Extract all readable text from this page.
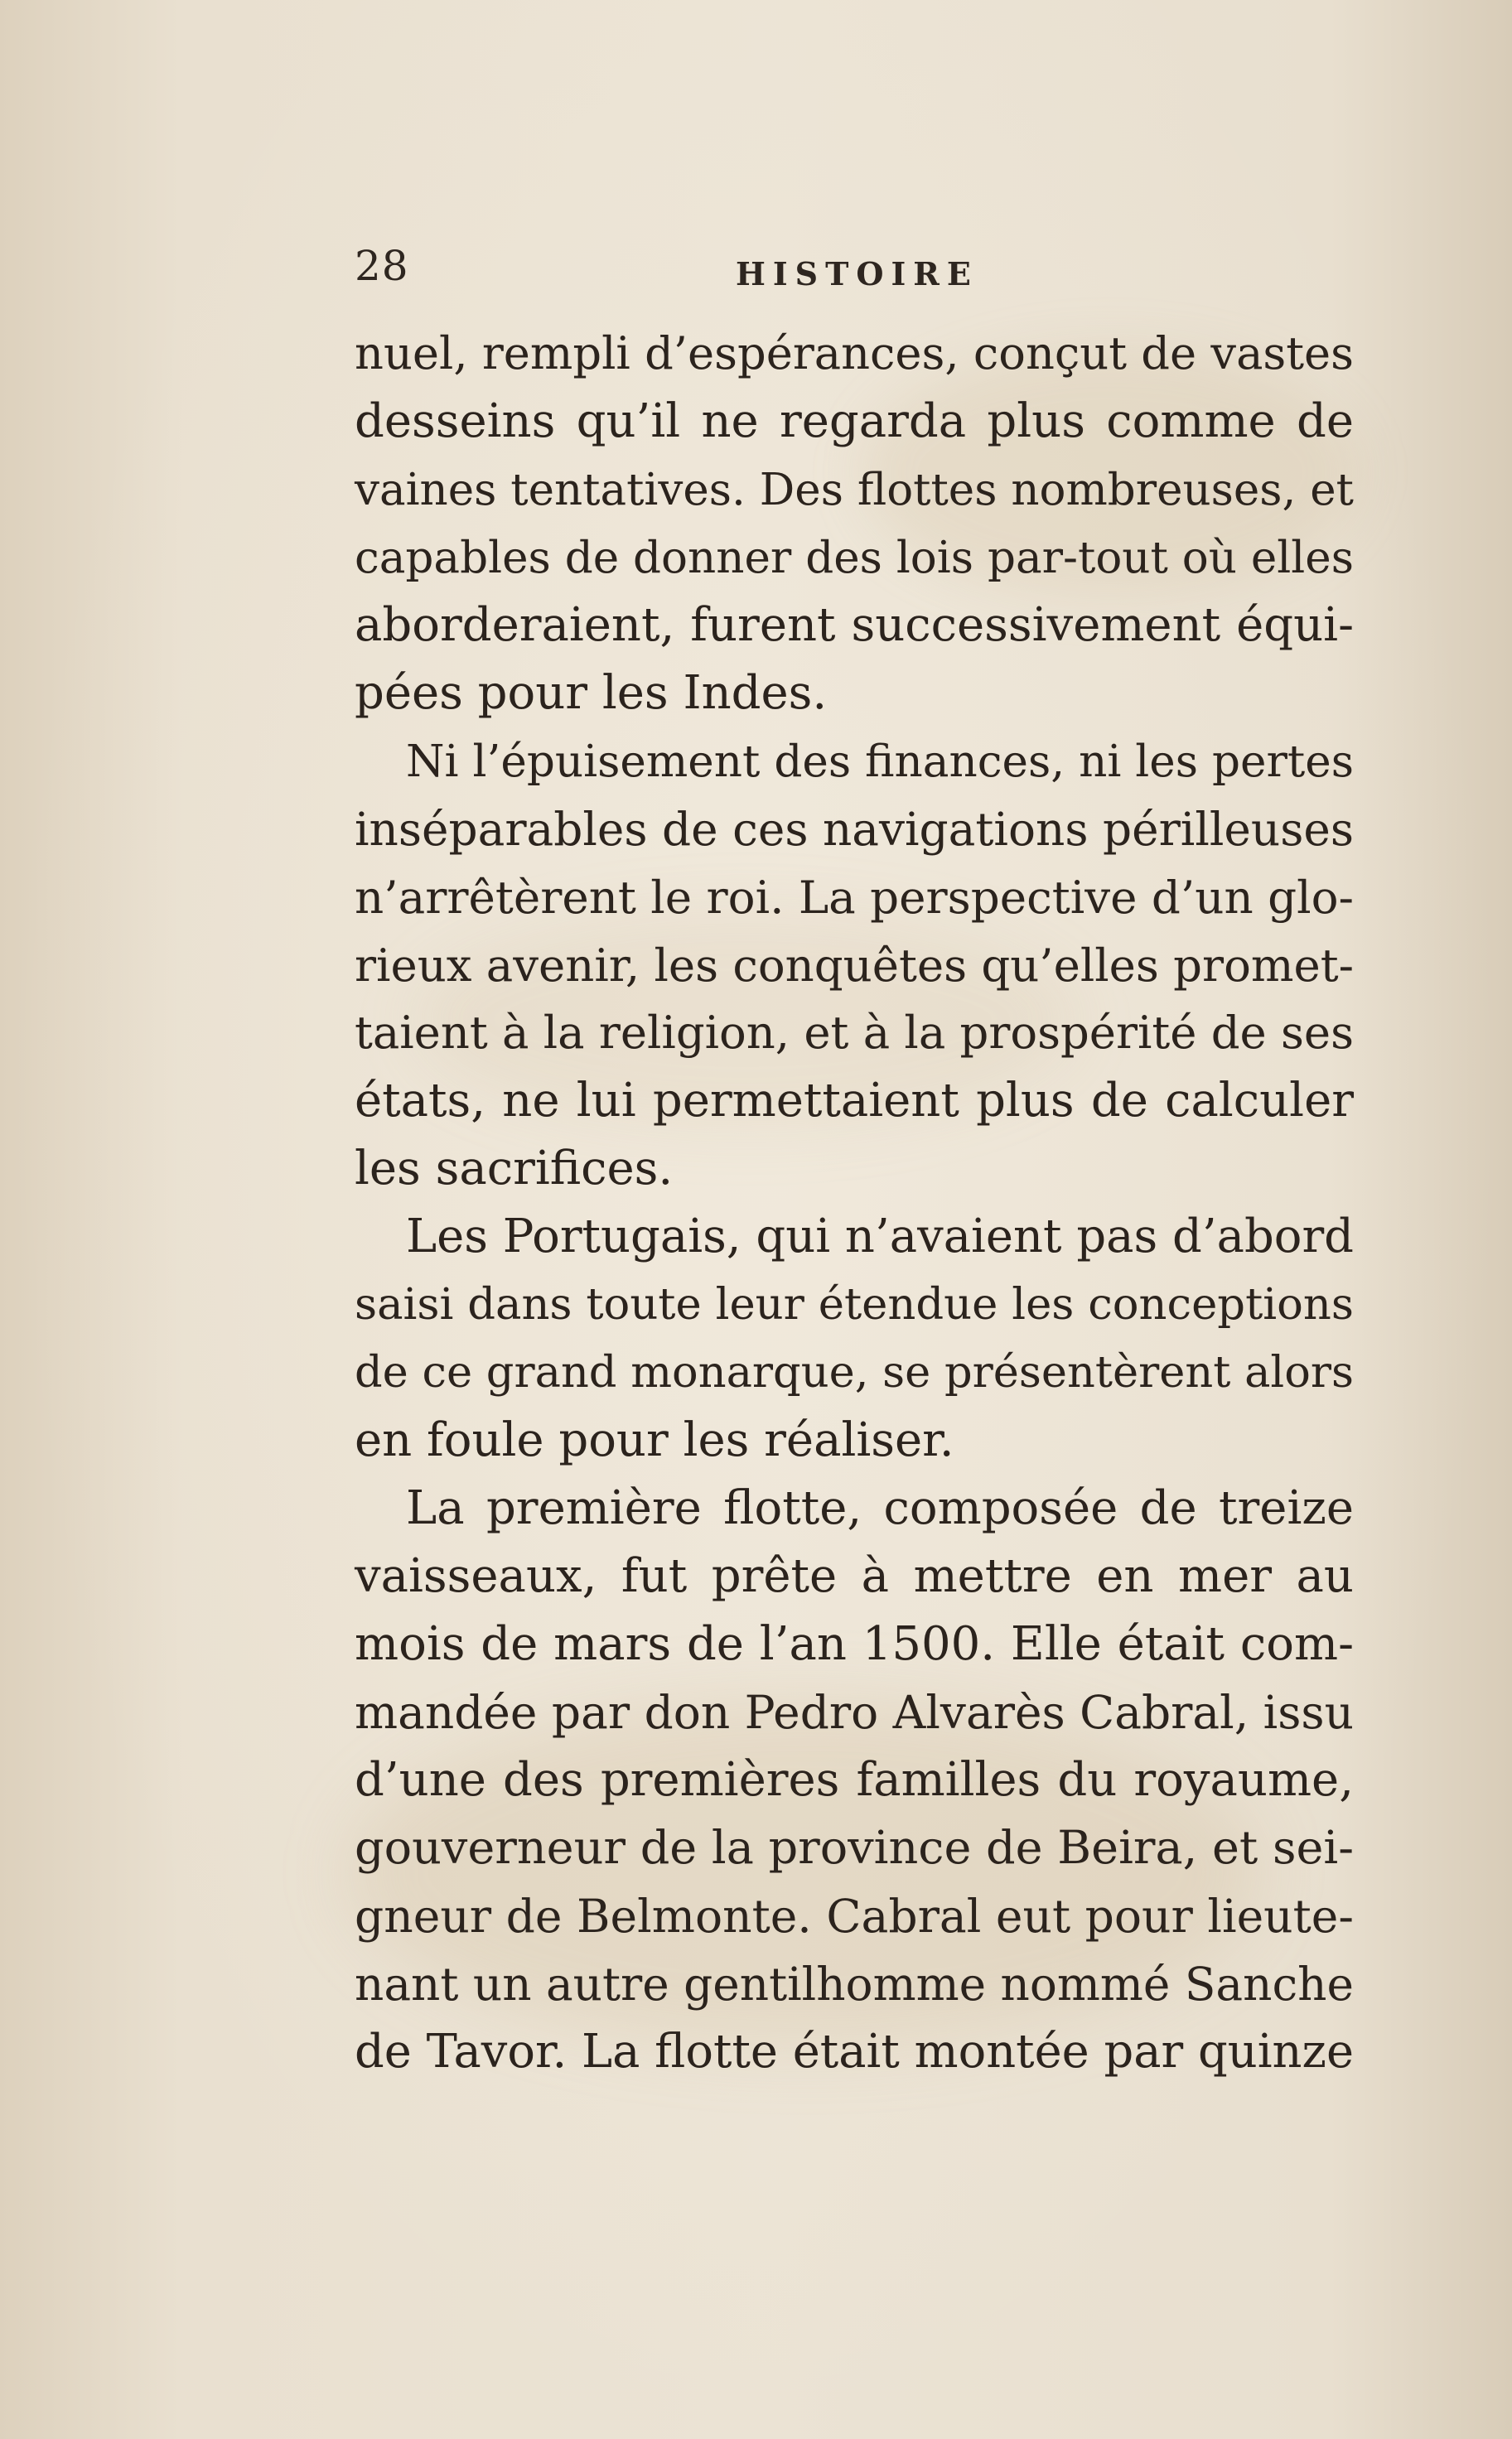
28	HISTOIRE
nuel, rempli d’espérances, conçut de vastes
desseins qu’il ne regarda plus comme de
vaines tentatives. Des flottes nombreuses, et
capables de donner des lois par-tout où elles
aborderaient, furent successivement équi-
pées pour les Indes.
Ni l’épuisement des finances, ni les pertes
inséparables de ces navigations périlleuses
n’arrêtèrent le roi. La perspective d’un glo-
rieux avenir, les conquêtes qu’elles promet-
taient à la religion, et à la prospérité de ses
états, ne lui permettaient plus de calculer
les sacrifices.
Les Portugais, qui n’avaient pas d’abord
saisi dans toute leur étendue les conceptions
de ce grand monarque, se présentèrent alors
en foule pour les réaliser.
La première flotte, composée de treize
vaisseaux, fut prête à mettre en mer au
mois de mars de l’an 1500. Elle était com-
mandée par don Pedro Alvarès Cabral, issu
d’une des premières familles du royaume,
gouverneur de la province de Beira, et sei-
gneur de Belmonte. Cabral eut pour lieute-
nant un autre gentilhomme nommé Sanche
de Tavor. La flotte était montée par quinze
